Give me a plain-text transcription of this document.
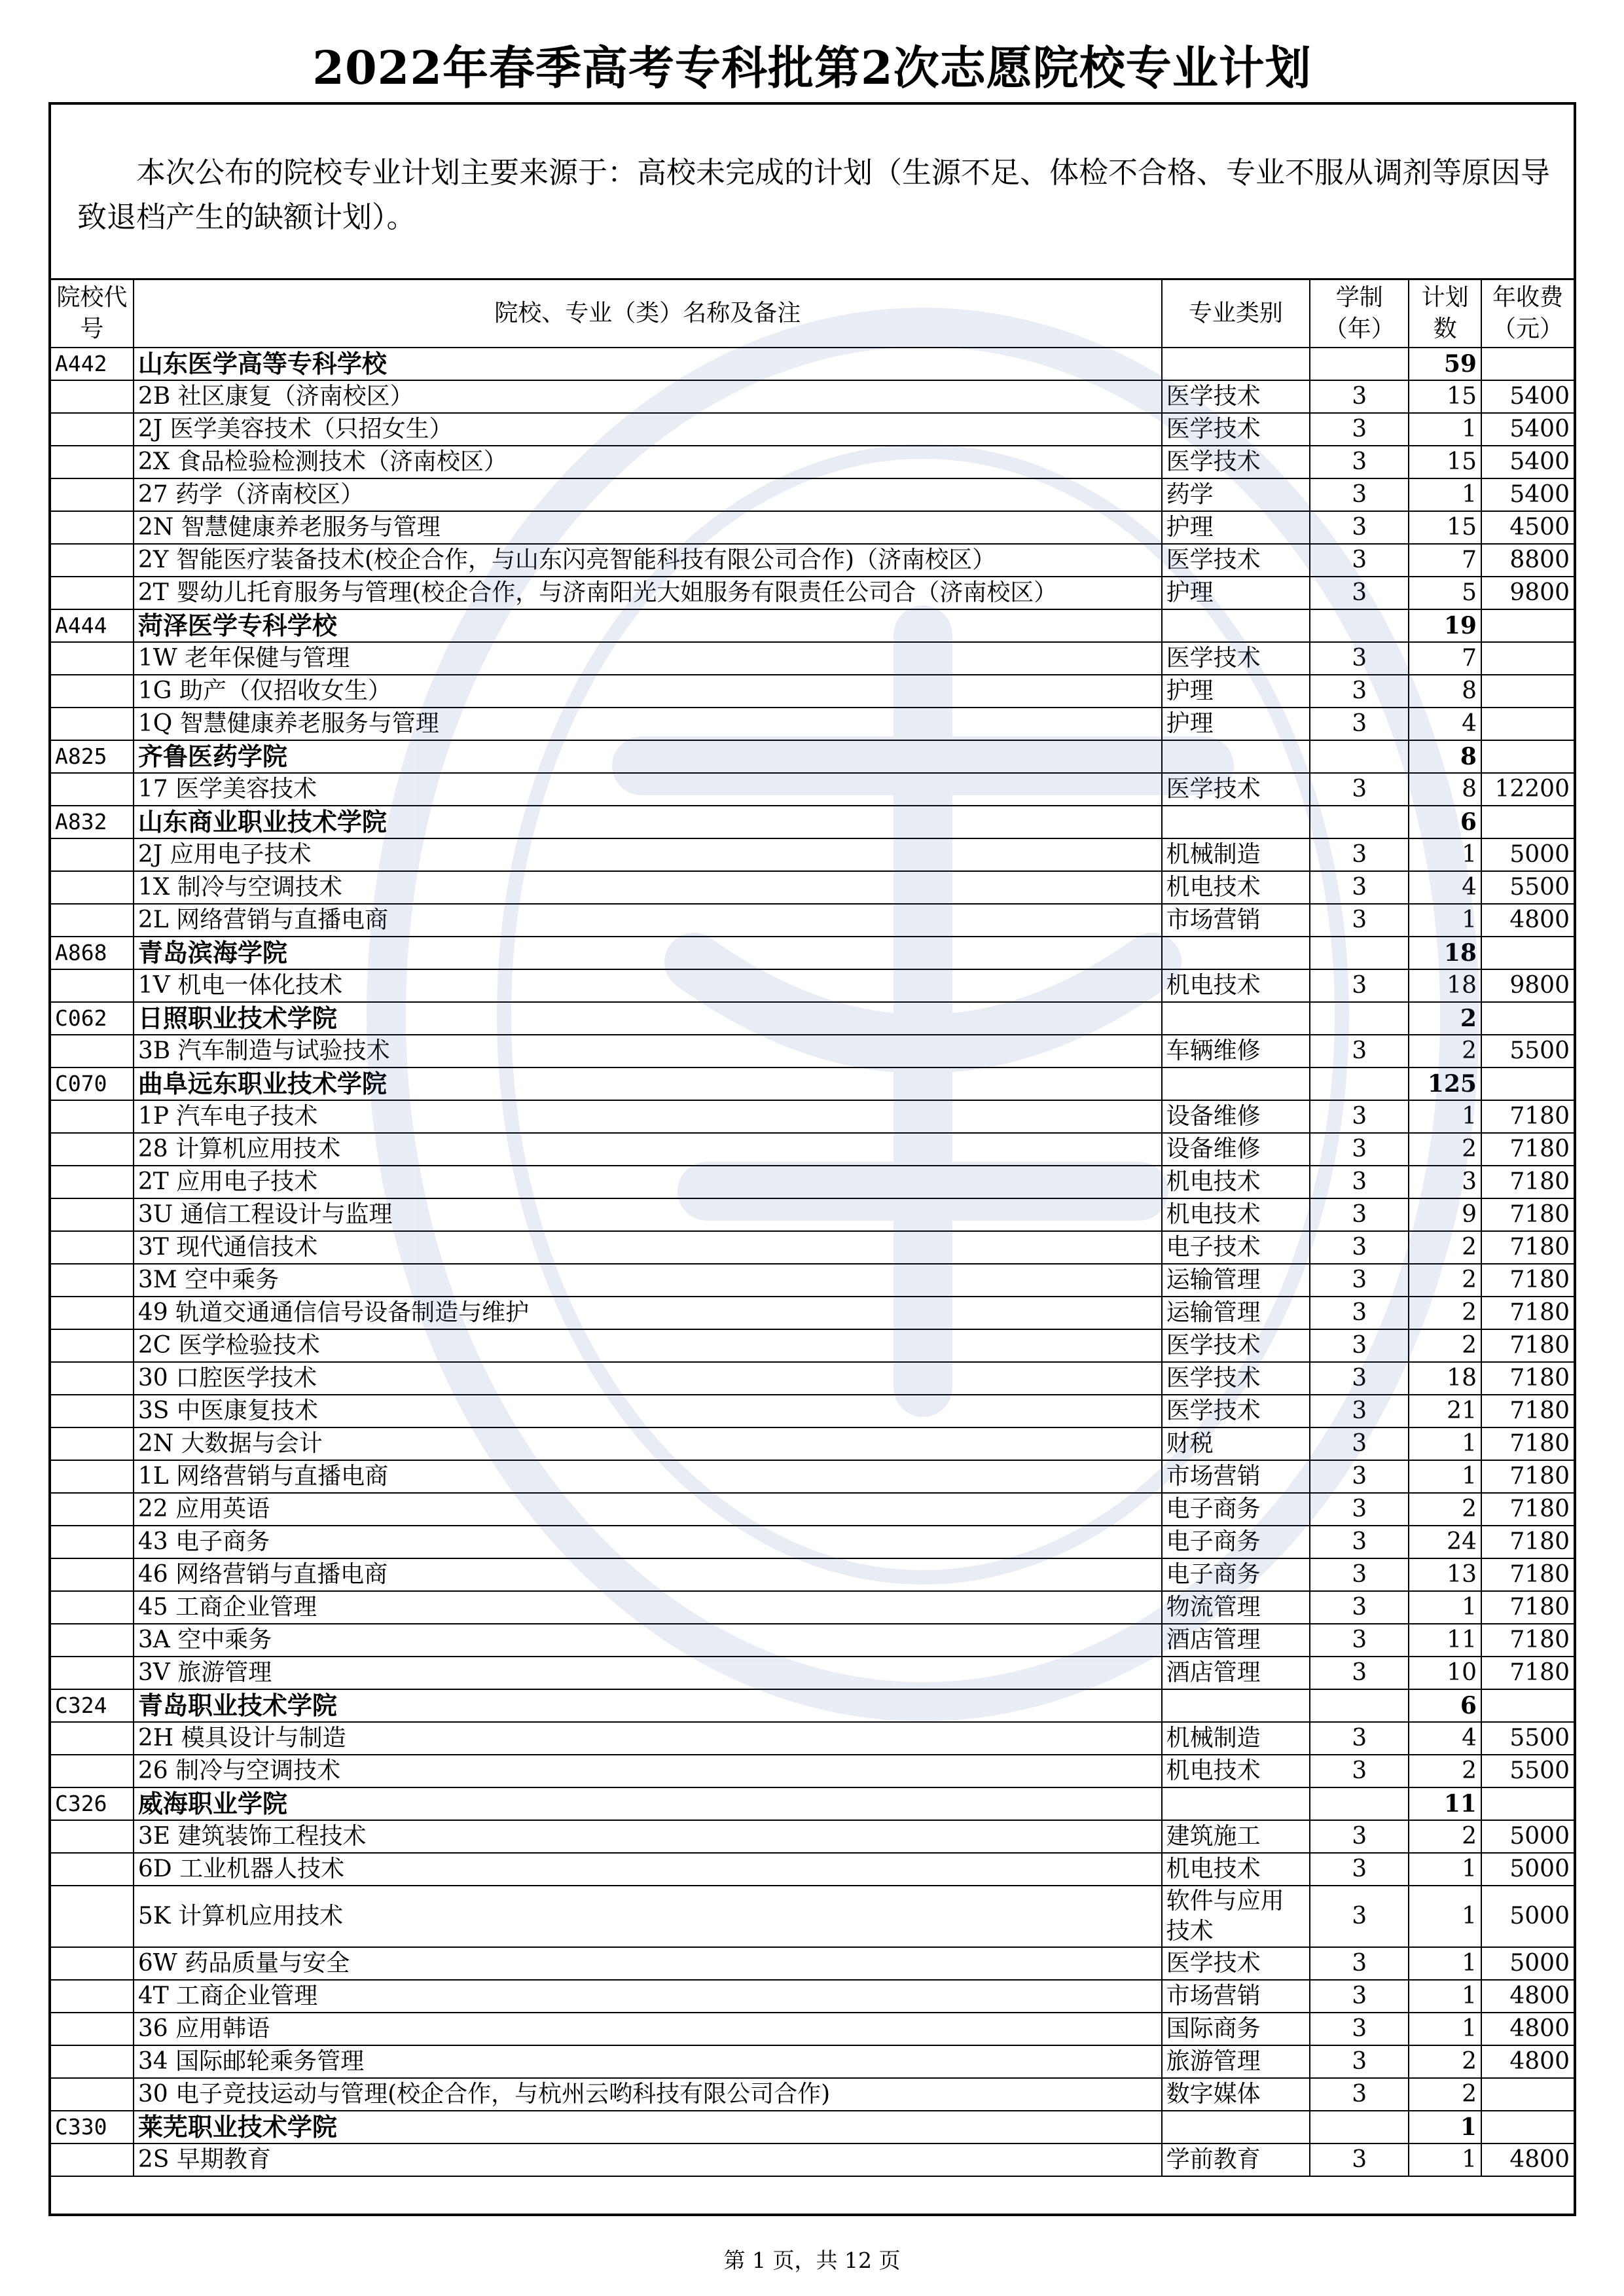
2022年春季高考专科批第2次志愿院校专业计划
本次公布的院校专业计划主要来源于：高校未完成的计划（生源不足、体检不合格、专业不服从调剂等原因导致退档产生的缺额计划）。
院校代号	院校、专业（类）名称及备注	专业类别	学制（年）	计划数	年收费（元）
A442	山东医学高等专科学校			59	
	2B 社区康复（济南校区）	医学技术	3	15	5400
	2J 医学美容技术（只招女生）	医学技术	3	1	5400
	2X 食品检验检测技术（济南校区）	医学技术	3	15	5400
	27 药学（济南校区）	药学	3	1	5400
	2N 智慧健康养老服务与管理	护理	3	15	4500
	2Y 智能医疗装备技术(校企合作，与山东闪亮智能科技有限公司合作)（济南校区）	医学技术	3	7	8800
	2T 婴幼儿托育服务与管理(校企合作，与济南阳光大姐服务有限责任公司合（济南校区）	护理	3	5	9800
A444	菏泽医学专科学校			19	
	1W 老年保健与管理	医学技术	3	7	
	1G 助产（仅招收女生）	护理	3	8	
	1Q 智慧健康养老服务与管理	护理	3	4	
A825	齐鲁医药学院			8	
	17 医学美容技术	医学技术	3	8	12200
A832	山东商业职业技术学院			6	
	2J 应用电子技术	机械制造	3	1	5000
	1X 制冷与空调技术	机电技术	3	4	5500
	2L 网络营销与直播电商	市场营销	3	1	4800
A868	青岛滨海学院			18	
	1V 机电一体化技术	机电技术	3	18	9800
C062	日照职业技术学院			2	
	3B 汽车制造与试验技术	车辆维修	3	2	5500
C070	曲阜远东职业技术学院			125	
	1P 汽车电子技术	设备维修	3	1	7180
	28 计算机应用技术	设备维修	3	2	7180
	2T 应用电子技术	机电技术	3	3	7180
	3U 通信工程设计与监理	机电技术	3	9	7180
	3T 现代通信技术	电子技术	3	2	7180
	3M 空中乘务	运输管理	3	2	7180
	49 轨道交通通信信号设备制造与维护	运输管理	3	2	7180
	2C 医学检验技术	医学技术	3	2	7180
	30 口腔医学技术	医学技术	3	18	7180
	3S 中医康复技术	医学技术	3	21	7180
	2N 大数据与会计	财税	3	1	7180
	1L 网络营销与直播电商	市场营销	3	1	7180
	22 应用英语	电子商务	3	2	7180
	43 电子商务	电子商务	3	24	7180
	46 网络营销与直播电商	电子商务	3	13	7180
	45 工商企业管理	物流管理	3	1	7180
	3A 空中乘务	酒店管理	3	11	7180
	3V 旅游管理	酒店管理	3	10	7180
C324	青岛职业技术学院			6	
	2H 模具设计与制造	机械制造	3	4	5500
	26 制冷与空调技术	机电技术	3	2	5500
C326	威海职业学院			11	
	3E 建筑装饰工程技术	建筑施工	3	2	5000
	6D 工业机器人技术	机电技术	3	1	5000
	5K 计算机应用技术	软件与应用技术	3	1	5000
	6W 药品质量与安全	医学技术	3	1	5000
	4T 工商企业管理	市场营销	3	1	4800
	36 应用韩语	国际商务	3	1	4800
	34 国际邮轮乘务管理	旅游管理	3	2	4800
	30 电子竞技运动与管理(校企合作，与杭州云哟科技有限公司合作)	数字媒体	3	2	
C330	莱芜职业技术学院			1	
	2S 早期教育	学前教育	3	1	4800
第 1 页，共 12 页
